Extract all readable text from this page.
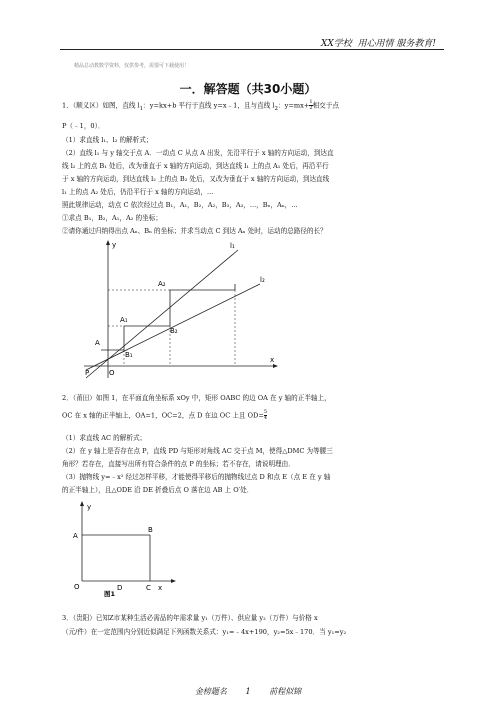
XX学校 用心用情 服务教育!
精品总动教数学资料，仅供参考，需要可下载使用！
一．解答题（共30小题）
1．（顺义区）如图，直线 $l_1$：y=kx+b 平行于直线 y=x﹣1，且与直线 $l_2$：$y=mx+ \frac{1}{2}$ 相交于点
P（﹣1，0）．
（1）求直线 l₁、l₂ 的解析式；
（2）直线 l₁ 与 y 轴交于点 A．一动点 C 从点 A 出发，先沿平行于 x 轴的方向运动，到达直
线 l₂ 上的点 B₁ 处后，改为垂直于 x 轴的方向运动，到达直线 l₁ 上的点 A₁ 处后，再沿平行
于 x 轴的方向运动，到达直线 l₂ 上的点 B₂ 处后，又改为垂直于 x 轴的方向运动，到达直线
l₁ 上的点 A₂ 处后，仍沿平行于 x 轴的方向运动，...
照此规律运动，动点 C 依次经过点 B₁，A₁，B₂，A₂，B₃，A₃，...，Bₙ，Aₙ，...
①求点 B₁，B₂，A₁，A₂ 的坐标；
②请你通过归纳得出点 Aₙ、Bₙ 的坐标；并求当动点 C 到达 Aₙ 处时，运动的总路径的长？
y
x
l₁
l₂
A₂
A₁
B₂
A
B₁
P	O
2．（莆田）如图 1，在平面直角坐标系 xOy 中，矩形 OABC 的边 OA 在 y 轴的正半轴上，
OC 在 x 轴的正半轴上，OA=1，OC=2，点 D 在边 OC 上且 $OD= \frac{5}{4}$
（1）求直线 AC 的解析式；
（2）在 y 轴上是否存在点 P，直线 PD 与矩形对角线 AC 交于点 M，使得△DMC 为等腰三
角形？若存在，直接写出所有符合条件的点 P 的坐标；若不存在，请说明理由．
（3）抛物线 y=﹣x² 经过怎样平移，才能使得平移后的抛物线过点 D 和点 E（点 E 在 y 轴
的正半轴上），且△ODE 沿 DE 折叠后点 O 落在边 AB 上 O′处．
y
A
B
O	D	C x
图1
3．（贵阳）已知Z市某种生活必需品的年需求量 y₁（万件）、供应量 y₂（万件）与价格 x
（元/件）在一定范围内分别近似满足下列函数关系式：y₁=﹣4x+190，y₂=5x﹣170．当 y₁=y₂
金榜题名 1 前程似锦
